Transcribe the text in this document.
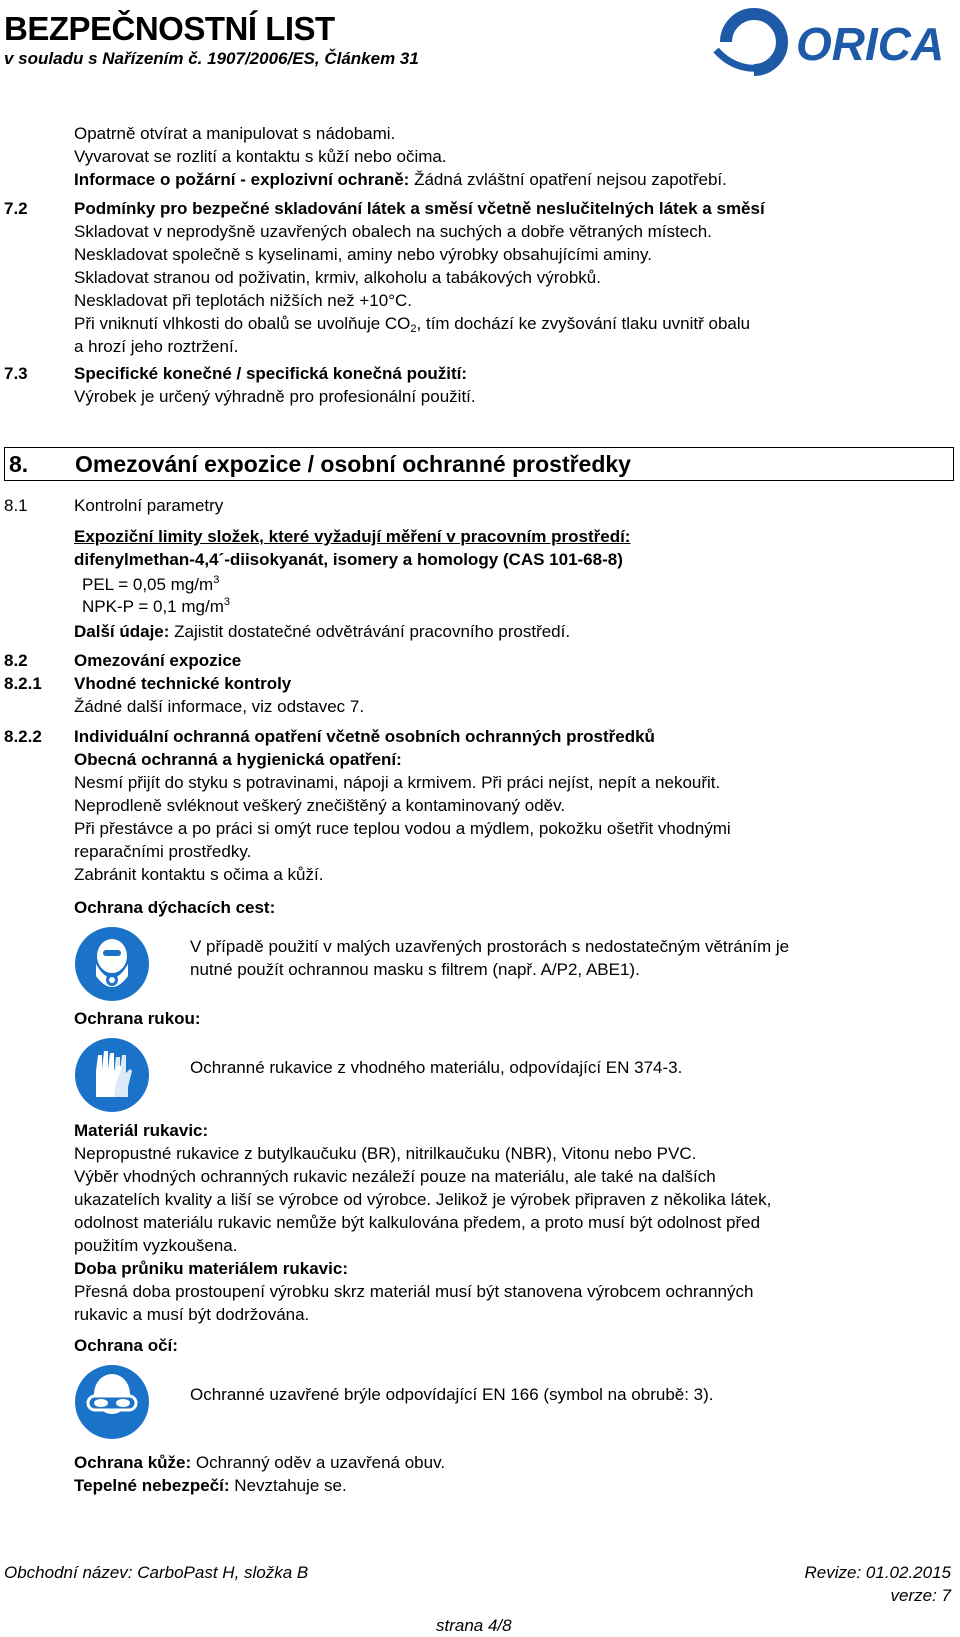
BEZPEČNOSTNÍ LIST
v souladu s Nařízením č. 1907/2006/ES, Článkem 31	ORICA
Opatrně otvírat a manipulovat s nádobami.
Vyvarovat se rozlití a kontaktu s kůží nebo očima.
Informace o požární - explozivní ochraně: Žádná zvláštní opatření nejsou zapotřebí.
7.2	Podmínky pro bezpečné skladování látek a směsí včetně neslučitelných látek a směsí
Skladovat v neprodyšně uzavřených obalech na suchých a dobře větraných místech.
Neskladovat společně s kyselinami, aminy nebo výrobky obsahujícími aminy.
Skladovat stranou od poživatin, krmiv, alkoholu a tabákových výrobků.
Neskladovat při teplotách nižších než +10°C.
Při vniknutí vlhkosti do obalů se uvolňuje $CO_2$, tím dochází ke zvyšování tlaku uvnitř obalu
a hrozí jeho roztržení.
7.3	Specifické konečné / specifická konečná použití:
Výrobek je určený výhradně pro profesionální použití.
8. Omezování expozice / osobní ochranné prostředky
8.1	Kontrolní parametry
Expoziční limity složek, které vyžadují měření v pracovním prostředí:
difenylmethan-4,4´-diisokyanát, isomery a homology (CAS 101-68-8)
PEL = 0,05 $mg/m^3$
NPK-P = 0,1 $mg/m^3$
Další údaje: Zajistit dostatečné odvětrávání pracovního prostředí.
8.2	Omezování expozice
8.2.1 Vhodné technické kontroly
Žádné další informace, viz odstavec 7.
8.2.2 Individuální ochranná opatření včetně osobních ochranných prostředků
Obecná ochranná a hygienická opatření:
Nesmí přijít do styku s potravinami, nápoji a krmivem. Při práci nejíst, nepít a nekouřit.
Neprodleně svléknout veškerý znečištěný a kontaminovaný oděv.
Při přestávce a po práci si omýt ruce teplou vodou a mýdlem, pokožku ošetřit vhodnými
reparačními prostředky.
Zabránit kontaktu s očima a kůží.
Ochrana dýchacích cest:
V případě použití v malých uzavřených prostorách s nedostatečným větráním je
nutné použít ochrannou masku s filtrem (např. A/P2, ABE1).
Ochrana rukou:
Ochranné rukavice z vhodného materiálu, odpovídající EN 374-3.
Materiál rukavic:
Nepropustné rukavice z butylkaučuku (BR), nitrilkaučuku (NBR), Vitonu nebo PVC.
Výběr vhodných ochranných rukavic nezáleží pouze na materiálu, ale také na dalších
ukazatelích kvality a liší se výrobce od výrobce. Jelikož je výrobek připraven z několika látek,
odolnost materiálu rukavic nemůže být kalkulována předem, a proto musí být odolnost před
použitím vyzkoušena.
Doba průniku materiálem rukavic:
Přesná doba prostoupení výrobku skrz materiál musí být stanovena výrobcem ochranných
rukavic a musí být dodržována.
Ochrana očí:
Ochranné uzavřené brýle odpovídající EN 166 (symbol na obrubě: 3).
Ochrana kůže: Ochranný oděv a uzavřená obuv.
Tepelné nebezpečí: Nevztahuje se.
Obchodní název: CarboPast H, složka B	Revize: 01.02.2015
verze: 7
strana 4/8
